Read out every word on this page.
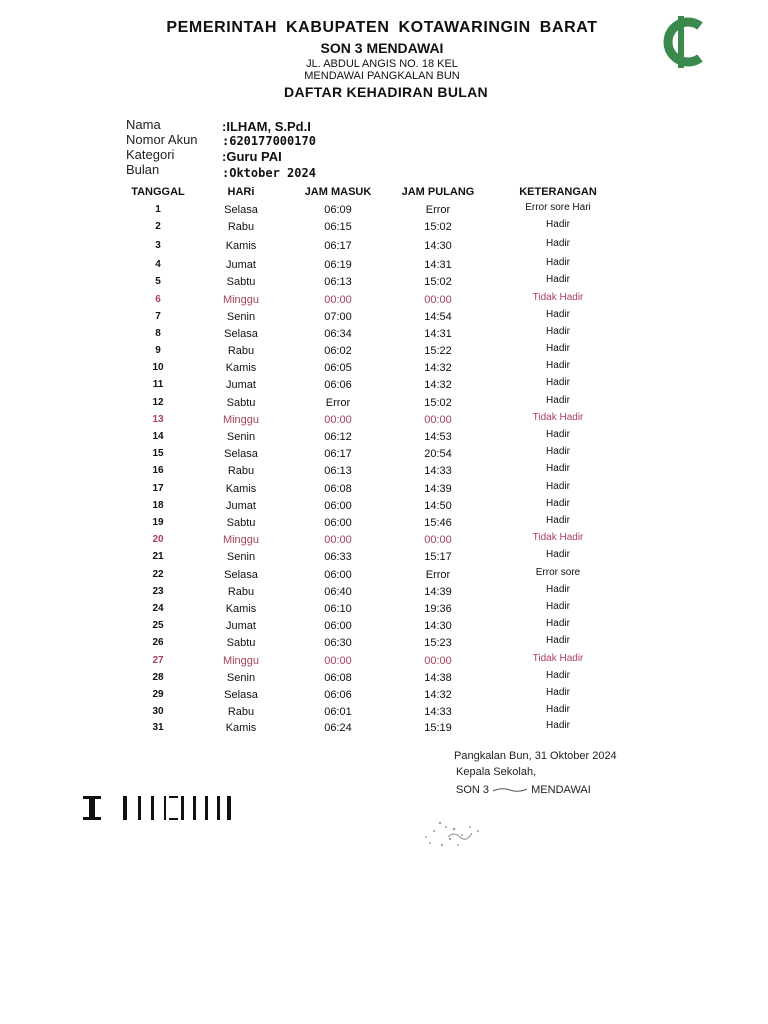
PEMERINTAH KABUPATEN KOTAWARINGIN BARAT
SON 3 MENDAWAI
JL. ABDUL ANGIS NO. 18 KEL
MENDAWAI PANGKALAN BUN
DAFTAR KEHADIRAN BULAN
Nama	:ILHAM, S.Pd.I
Nomor Akun :620177000170
Kategori	:Guru PAI
Bulan	:Oktober 2024
TANGGAL	HARi	JAM MASUK	JAM PULANG	KETERANGAN
1	Selasa	06:09	Error	Error sore Hari
2	Rabu	06:15	15:02	Hadir
3	Kamis	06:17	14:30	Hadir
4	Jumat	06:19	14:31	Hadir
5	Sabtu	06:13	15:02	Hadir
6	Minggu	00:00	00:00	Tidak Hadir
7	Senin	07:00	14:54	Hadir
8	Selasa	06:34	14:31	Hadir
9	Rabu	06:02	15:22	Hadir
10	Kamis	06:05	14:32	Hadir
11	Jumat	06:06	14:32	Hadir
12	Sabtu	Error	15:02	Hadir
13	Minggu	00:00	00:00	Tidak Hadir
14	Senin	06:12	14:53	Hadir
15	Selasa	06:17	20:54	Hadir
16	Rabu	06:13	14:33	Hadir
17	Kamis	06:08	14:39	Hadir
18	Jumat	06:00	14:50	Hadir
19	Sabtu	06:00	15:46	Hadir
20	Minggu	00:00	00:00	Tidak Hadir
21	Senin	06:33	15:17	Hadir
22	Selasa	06:00	Error	Error sore
23	Rabu	06:40	14:39	Hadir
24	Kamis	06:10	19:36	Hadir
25	Jumat	06:00	14:30	Hadir
26	Sabtu	06:30	15:23	Hadir
27	Minggu	00:00	00:00	Tidak Hadir
28	Senin	06:08	14:38	Hadir
29	Selasa	06:06	14:32	Hadir
30	Rabu	06:01	14:33	Hadir
31	Kamis	06:24	15:19	Hadir
Pangkalan Bun, 31 Oktober 2024
Kepala Sekolah,
SON 3	MENDAWAI
